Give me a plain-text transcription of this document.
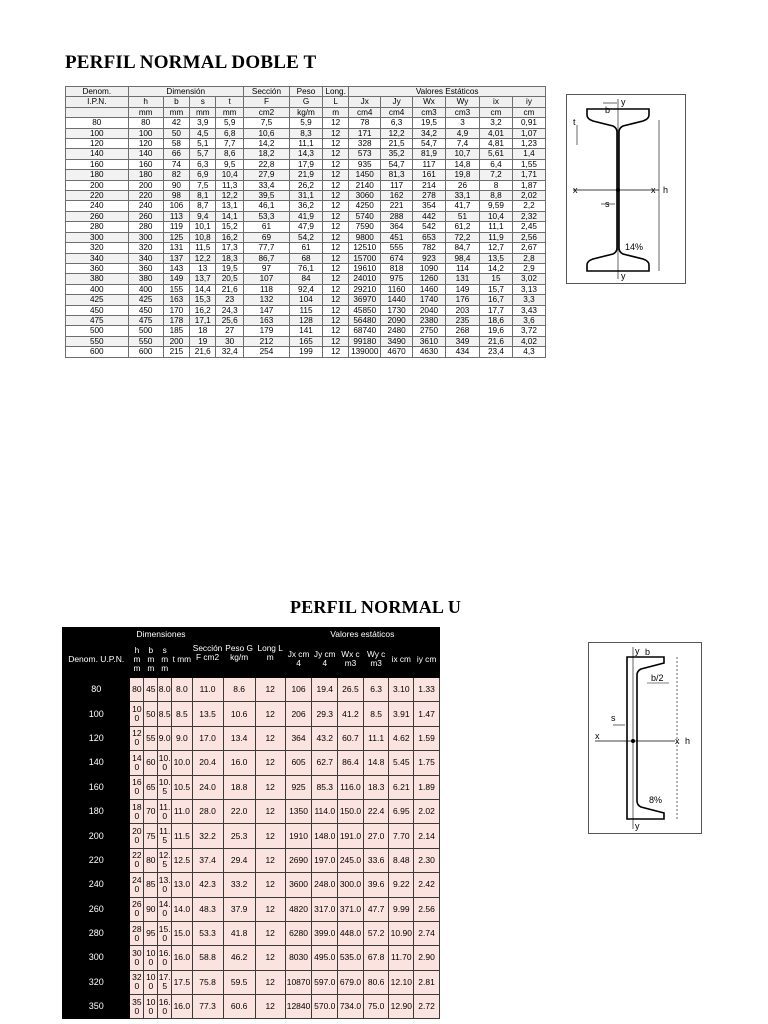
PERFIL NORMAL DOBLE T
Denom.	Dimensión				Sección	Peso	Long.	Valores Estáticos					
I.P.N.	h	b	s	t	F	G	L	Jx	Jy	Wx	Wy	ix	iy
	mm	mm	mm	mm	cm2	kg/m	m	cm4	cm4	cm3	cm3	cm	cm
80	80	42	3,9	5,9	7,5	5,9	12	78	6,3	19,5	3	3,2	0,91
100	100	50	4,5	6,8	10,6	8,3	12	171	12,2	34,2	4,9	4,01	1,07
120	120	58	5,1	7,7	14,2	11,1	12	328	21,5	54,7	7,4	4,81	1,23
140	140	66	5,7	8,6	18,2	14,3	12	573	35,2	81,9	10,7	5,61	1,4
160	160	74	6,3	9,5	22,8	17,9	12	935	54,7	117	14,8	6,4	1,55
180	180	82	6,9	10,4	27,9	21,9	12	1450	81,3	161	19,8	7,2	1,71
200	200	90	7,5	11,3	33,4	26,2	12	2140	117	214	26	8	1,87
220	220	98	8,1	12,2	39,5	31,1	12	3060	162	278	33,1	8,8	2,02
240	240	106	8,7	13,1	46,1	36,2	12	4250	221	354	41,7	9,59	2,2
260	260	113	9,4	14,1	53,3	41,9	12	5740	288	442	51	10,4	2,32
280	280	119	10,1	15,2	61	47,9	12	7590	364	542	61,2	11,1	2,45
300	300	125	10,8	16,2	69	54,2	12	9800	451	653	72,2	11,9	2,56
320	320	131	11,5	17,3	77,7	61	12	12510	555	782	84,7	12,7	2,67
340	340	137	12,2	18,3	86,7	68	12	15700	674	923	98,4	13,5	2,8
360	360	143	13	19,5	97	76,1	12	19610	818	1090	114	14,2	2,9
380	380	149	13,7	20,5	107	84	12	24010	975	1260	131	15	3,02
400	400	155	14,4	21,6	118	92,4	12	29210	1160	1460	149	15,7	3,13
425	425	163	15,3	23	132	104	12	36970	1440	1740	176	16,7	3,3
450	450	170	16,2	24,3	147	115	12	45850	1730	2040	203	17,7	3,43
475	475	178	17,1	25,6	163	128	12	56480	2090	2380	235	18,6	3,6
500	500	185	18	27	179	141	12	68740	2480	2750	268	19,6	3,72
550	550	200	19	30	212	165	12	99180	3490	3610	349	21,6	4,02
600	600	215	21,6	32,4	254	199	12	139000	4670	4630	434	23,4	4,3
y
b
t
x	x h
s
14%
y
PERFIL NORMAL U
	Dimensiones				Sección F cm2	Peso G kg/m	Long L m	Valores estáticos					
Denom. U.P.N.	h mm	b mm	s mm	t mm				Jx cm4	Jy cm4	Wx cm3	Wy cm3	ix cm	iy cm
80	80	45	8.0	8.0	11.0	8.6	12	106	19.4	26.5	6.3	3.10	1.33
100	100	50	8.5	8.5	13.5	10.6	12	206	29.3	41.2	8.5	3.91	1.47
120	120	55	9.0	9.0	17.0	13.4	12	364	43.2	60.7	11.1	4.62	1.59
140	140	60	10.0	10.0	20.4	16.0	12	605	62.7	86.4	14.8	5.45	1.75
160	160	65	10.5	10.5	24.0	18.8	12	925	85.3	116.0	18.3	6.21	1.89
180	180	70	11.0	11.0	28.0	22.0	12	1350	114.0	150.0	22.4	6.95	2.02
200	200	75	11.5	11.5	32.2	25.3	12	1910	148.0	191.0	27.0	7.70	2.14
220	220	80	12.5	12.5	37.4	29.4	12	2690	197.0	245.0	33.6	8.48	2.30
240	240	85	13.0	13.0	42.3	33.2	12	3600	248.0	300.0	39.6	9.22	2.42
260	260	90	14.0	14.0	48.3	37.9	12	4820	317.0	371.0	47.7	9.99	2.56
280	280	95	15.0	15.0	53.3	41.8	12	6280	399.0	448.0	57.2	10.90	2.74
300	300	100	16.0	16.0	58.8	46.2	12	8030	495.0	535.0	67.8	11.70	2.90
320	320	100	17.5	17.5	75.8	59.5	12	10870	597.0	679.0	80.6	12.10	2.81
350	350	100	16.0	16.0	77.3	60.6	12	12840	570.0	734.0	75.0	12.90	2.72
y b
b/2
s
x	x h
8%
y
